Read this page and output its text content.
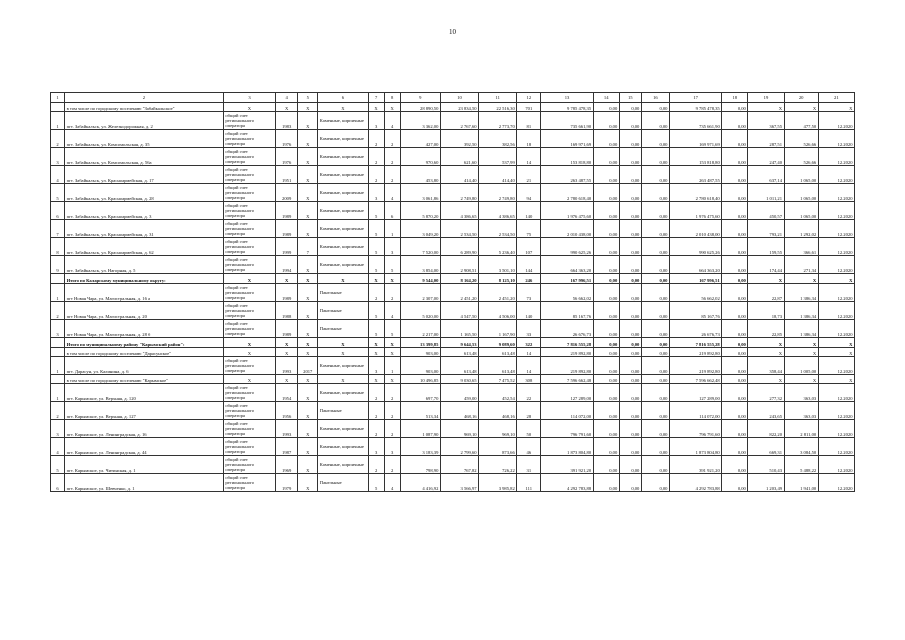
10
1	2	3	4	5	6	7	8	9	10	11	12	13	14	15	16	17	18	19	20	21
	в том числе по городскому поселению "Забайкальское"	X	X	X	X	X	X	28 890,50	23 834,50	22 516,30	701	9 785 478,35	0,00	0,00	0,00	9 785 478,35	0,00	X	X	X
1	пгт. Забайкальск, ул. Железнодорожная, д. 2	общий счет регионального оператора	1983	X	Каменные, кирпичные	3	4	3 362,00	2 767,60	2 773,70	81	735 661,90	0,00	0,00	0,00	735 661,90	0,00	367,55	477,50	12.2020
2	пгт. Забайкальск, ул. Комсомольская, д. 35	общий счет регионального оператора	1976	X	Каменные, кирпичные	2	2	427,00	392,50	382,56	18	169 971,69	0,00	0,00	0,00	169 971,69	0,00	287,51	526,66	12.2020
3	пгт. Забайкальск, ул. Комсомольская, д. 56а	общий счет регионального оператора	1976	X	Каменные, кирпичные	2	2	970,60	621,60	537,99	14	153 818,80	0,00	0,00	0,00	153 818,80	0,00	247,40	526,66	12.2020
4	пгт. Забайкальск, ул. Красноармейская, д. 17	общий счет регионального оператора	1951	X	Каменные, кирпичные	2	2	453,80	414,40	414,40	21	263 487,55	0,00	0,00	0,00	263 487,55	0,00	637,14	1 065,00	12.2020
5	пгт. Забайкальск, ул. Красноармейская, д. 28	общий счет регионального оператора	2009	X	Каменные, кирпичные	3	4	3 061,86	2 749,80	2 749,80	94	2 780 618,40	0,00	0,00	0,00	2 780 618,40	0,00	1 011,21	1 065,00	12.2020
6	пгт. Забайкальск, ул. Красноармейская, д. 3	общий счет регионального оператора	1989	X	Каменные, кирпичные	5	6	5 870,20	4 386,65	4 386,65	140	1 976 475,60	0,00	0,00	0,00	1 976 475,60	0,00	450,57	1 065,00	12.2020
7	пгт. Забайкальск, ул. Красноармейская, д. 31	общий счет регионального оператора	1989	X	Каменные, кирпичные	5	1	3 049,20	2 534,50	2 534,50	75	2 010 438,00	0,00	0,00	0,00	2 010 438,00	0,00	793,21	1 292,02	12.2020
8	пгт. Забайкальск, ул. Красноармейская, д. 62	общий счет регионального оператора	1999	7	Каменные, кирпичные	5	3	7 520,00	6 289,90	5 236,40	107	990 625,26	0,00	0,00	0,00	990 625,26	0,00	159,55	366,61	12.2020
9	пгт. Забайкальск, ул. Нагорная, д. 5	общий счет регионального оператора	1994	X	Каменные, кирпичные	5	5	3 854,00	2 908,51	3 501,10	144	664 363,20	0,00	0,00	0,00	664 363,20	0,00	174,44	271,34	12.2020
	Итого по Каларскому муниципальному округу:	X	X	X	X	X	X	9 544,00	8 164,20	8 125,10	246	167 996,51	0,00	0,00	0,00	167 996,51	0,00	X	X	X
1	пгт Новая Чара, ул. Магистральная, д. 16 а	общий счет регионального оператора	1989	X	Панельные	2	2	2 307,00	2 451,20	2 451,20	73	56 662,02	0,00	0,00	0,00	56 662,02	0,00	22,87	1 386,34	12.2020
2	пгт Новая Чара, ул. Магистральная, д. 20	общий счет регионального оператора	1988	X	Панельные	5	4	5 020,00	4 547,50	4 506,00	140	85 167,76	0,00	0,00	0,00	85 167,76	0,00	18,73	1 386,34	12.2020
3	пгт Новая Чара, ул. Магистральная, д. 28 б	общий счет регионального оператора	1989	X	Панельные	5	5	2 217,00	1 165,50	1 167,90	33	26 676,73	0,00	0,00	0,00	26 676,73	0,00	22,85	1 386,34	12.2020
	Итого по муниципальному району "Карымский район":	X	X	X	X	X	X	13 399,85	9 644,53	9 089,60	322	7 816 555,28	0,00	0,00	0,00	7 816 555,28	0,00	X	X	X
	в том числе по городскому поселению "Дарасунское"	X	X	X	X	X	X	903,00	613,48	613,48	14	219 892,80	0,00	0,00	0,00	219 892,80	0,00	X	X	X
1	пгт. Дарасун, ул. Калинина, д. 6	общий счет регионального оператора	1993	2017	Каменные, кирпичные	3	1	903,00	613,48	613,48	14	219 892,80	0,00	0,00	0,00	219 892,80	0,00	358,44	1 005,00	12.2020
	в том числе по городскому поселению "Карымское"	X	X	X	X	X	X	10 496,85	9 030,65	7 475,52	308	7 596 662,48	0,00	0,00	0,00	7 596 662,48	0,00	X	X	X
1	пгт. Карымское, ул. Верхняя, д. 120	общий счет регионального оператора	1954	X	Каменные, кирпичные	2	2	697,70	459,00	452,54	22	127 289,00	0,00	0,00	0,00	127 289,00	0,00	277,32	363,03	12.2020
2	пгт. Карымское, ул. Верхняя, д. 127	общий счет регионального оператора	1956	X	Панельные	2	2	513,34	468,16	468,16	28	114 072,00	0,00	0,00	0,00	114 072,00	0,00	243,65	363,03	12.2020
3	пгт. Карымское, ул. Ленинградская, д. 16	общий счет регионального оператора	1993	X	Каменные, кирпичные	2	2	1 087,90	969,10	969,10	50	796 791,60	0,00	0,00	0,00	796 791,60	0,00	822,20	2 811,00	12.2020
4	пгт. Карымское, ул. Ленинградская, д. 44	общий счет регионального оператора	1987	X	Каменные, кирпичные	3	3	3 183,39	2 799,60	873,66	46	1 873 804,80	0,00	0,00	0,00	1 873 804,80	0,00	669,31	3 084,50	12.2020
5	пгт. Карымское, ул. Читинская, д. 1	общий счет регионального оператора	1969	X	Каменные, кирпичные	2	2	798,90	767,82	726,22	31	391 921,20	0,00	0,00	0,00	391 921,20	0,00	510,43	5 488,22	12.2020
6	пгт. Карымское, ул. Шевченко, д. 1	общий счет регионального оператора	1979	X	Панельные	5	4	4 416,92	3 566,97	3 985,82	111	4 292 783,88	0,00	0,00	0,00	4 292 783,88	0,00	1 203,49	1 941,00	12.2020
